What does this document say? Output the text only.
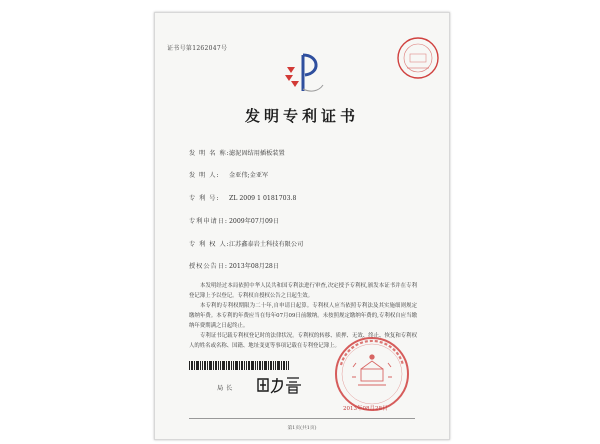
证书号第1262047号
发明专利证书
发 明 名 称: 滤泥固结用插板装置
发 明 人: 金亚伟;金亚军
专 利 号: ZL 2009 1 0181703.8
专利申请日: 2009年07月09日
专 利 权 人: 江苏鑫泰岩土科技有限公司
授权公告日: 2013年08月28日

本发明经过本局依照中华人民共和国专利法进行审查,决定授予专利权,颁发本证书并在专利登记簿上予以登记。专利权自授权公告之日起生效。

本专利的专利权期限为二十年,自申请日起算。专利权人应当依照专利法及其实施细则规定缴纳年费。本专利的年费应当在每年07月09日前缴纳。未按照规定缴纳年费的,专利权自应当缴纳年费期满之日起终止。

专利证书记载专利权登记时的法律状况。专利权的转移、质押、无效、终止、恢复和专利权人的姓名或名称、国籍、地址变更等事项记载在专利登记簿上。

局长
2013年08月28日
第1页(共1页)
